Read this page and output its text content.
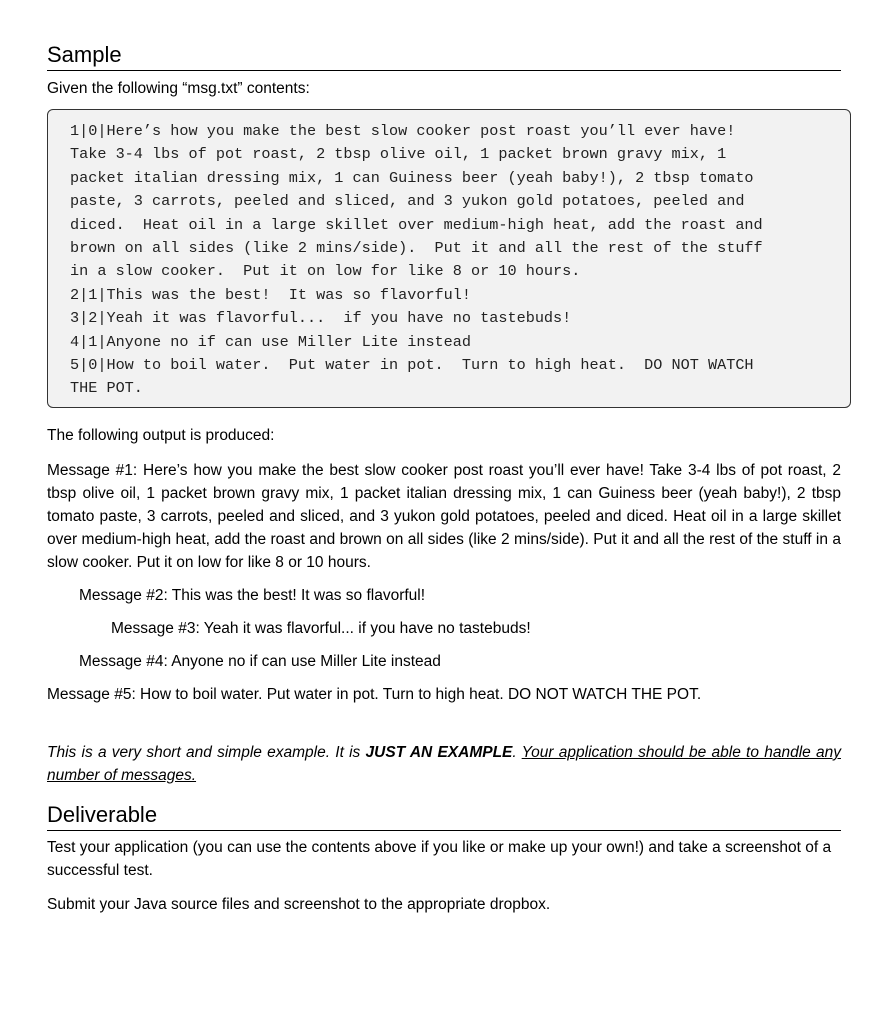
Sample
Given the following “msg.txt” contents:
1|0|Here’s how you make the best slow cooker post roast you’ll ever have!
Take 3-4 lbs of pot roast, 2 tbsp olive oil, 1 packet brown gravy mix, 1
packet italian dressing mix, 1 can Guiness beer (yeah baby!), 2 tbsp tomato
paste, 3 carrots, peeled and sliced, and 3 yukon gold potatoes, peeled and
diced.  Heat oil in a large skillet over medium-high heat, add the roast and
brown on all sides (like 2 mins/side).  Put it and all the rest of the stuff
in a slow cooker.  Put it on low for like 8 or 10 hours.
2|1|This was the best!  It was so flavorful!
3|2|Yeah it was flavorful...  if you have no tastebuds!
4|1|Anyone no if can use Miller Lite instead
5|0|How to boil water.  Put water in pot.  Turn to high heat.  DO NOT WATCH
THE POT.
The following output is produced:

Message #1: Here’s how you make the best slow cooker post roast you’ll ever have! Take 3-4 lbs of pot roast, 2 tbsp olive oil, 1 packet brown gravy mix, 1 packet italian dressing mix, 1 can Guiness beer (yeah baby!), 2 tbsp tomato paste, 3 carrots, peeled and sliced, and 3 yukon gold potatoes, peeled and diced. Heat oil in a large skillet over medium-high heat, add the roast and brown on all sides (like 2 mins/side). Put it and all the rest of the stuff in a slow cooker. Put it on low for like 8 or 10 hours.

Message #2: This was the best! It was so flavorful!

Message #3: Yeah it was flavorful... if you have no tastebuds!

Message #4: Anyone no if can use Miller Lite instead

Message #5: How to boil water. Put water in pot. Turn to high heat. DO NOT WATCH THE POT.

This is a very short and simple example. It is JUST AN EXAMPLE. Your application should be able to handle any number of messages.
Deliverable
Test your application (you can use the contents above if you like or make up your own!) and take a screenshot of a successful test.
Submit your Java source files and screenshot to the appropriate dropbox.
